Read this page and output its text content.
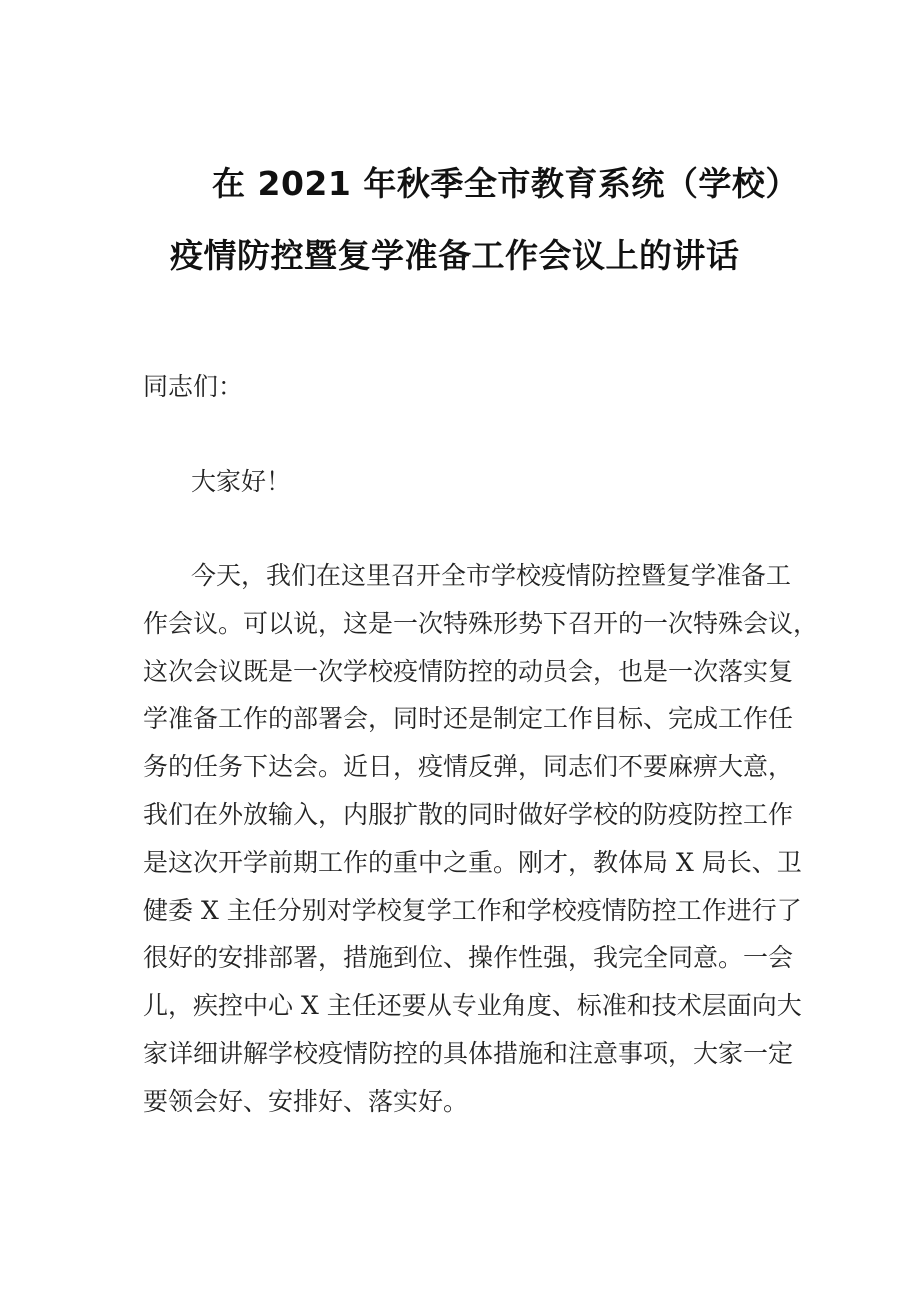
在 2021 年秋季全市教育系统（学校）
疫情防控暨复学准备工作会议上的讲话
同志们：
大家好！
今天，我们在这里召开全市学校疫情防控暨复学准备工
作会议。可以说，这是一次特殊形势下召开的一次特殊会议，
这次会议既是一次学校疫情防控的动员会，也是一次落实复
学准备工作的部署会，同时还是制定工作目标、完成工作任
务的任务下达会。近日，疫情反弹，同志们不要麻痹大意，
我们在外放输入，内服扩散的同时做好学校的防疫防控工作
是这次开学前期工作的重中之重。刚才，教体局 X 局长、卫
健委 X 主任分别对学校复学工作和学校疫情防控工作进行了
很好的安排部署，措施到位、操作性强，我完全同意。一会
儿，疾控中心 X 主任还要从专业角度、标准和技术层面向大
家详细讲解学校疫情防控的具体措施和注意事项，大家一定
要领会好、安排好、落实好。
